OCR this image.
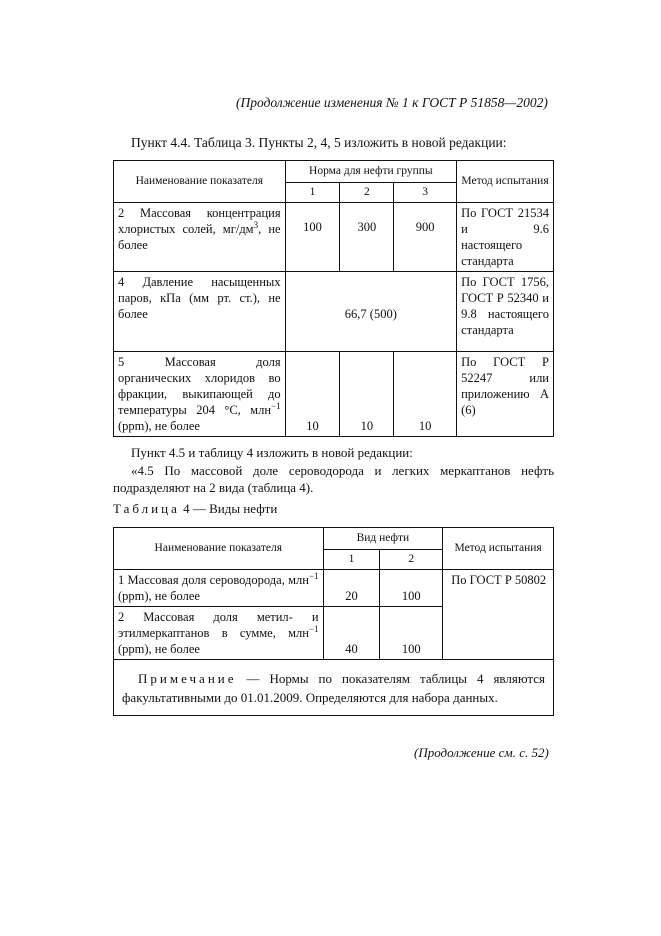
(Продолжение изменения № 1 к ГОСТ Р 51858—2002)
Пункт 4.4. Таблица 3. Пункты 2, 4, 5 изложить в новой редакции:
Наименование показателя	Норма для нефти группы			Метод испытания
	1	2	3	
2 Массовая концентрация хлористых солей, $мг/дм^3$, не более	100	300	900	По ГОСТ 21534 и 9.6 настоящего стандарта
4 Давление насыщенных паров, кПа (мм рт. ст.), не более	66,7 (500)			По ГОСТ 1756, ГОСТ Р 52340 и 9.8 настоящего стандарта
5 Массовая доля органических хлоридов во фракции, выкипающей до температуры 204 °С, млн$^{-1}$ (ppm), не более	10	10	10	По ГОСТ Р 52247 или приложению А (6)
Пункт 4.5 и таблицу 4 изложить в новой редакции:
«4.5 По массовой доле сероводорода и легких меркаптанов нефть подразделяют на 2 вида (таблица 4).
Таблица 4 — Виды нефти
Наименование показателя	Вид нефти		Метод испытания
	1	2	
1 Массовая доля сероводорода, млн$^{-1}$ (ppm), не более	20	100	По ГОСТ Р 50802
2 Массовая доля метил- и этилмеркаптанов в сумме, млн$^{-1}$ (ppm), не более	40	100	
Примечание — Нормы по показателям таблицы 4 являются факультативными до 01.01.2009. Определяются для набора данных.			
(Продолжение см. с. 52)
